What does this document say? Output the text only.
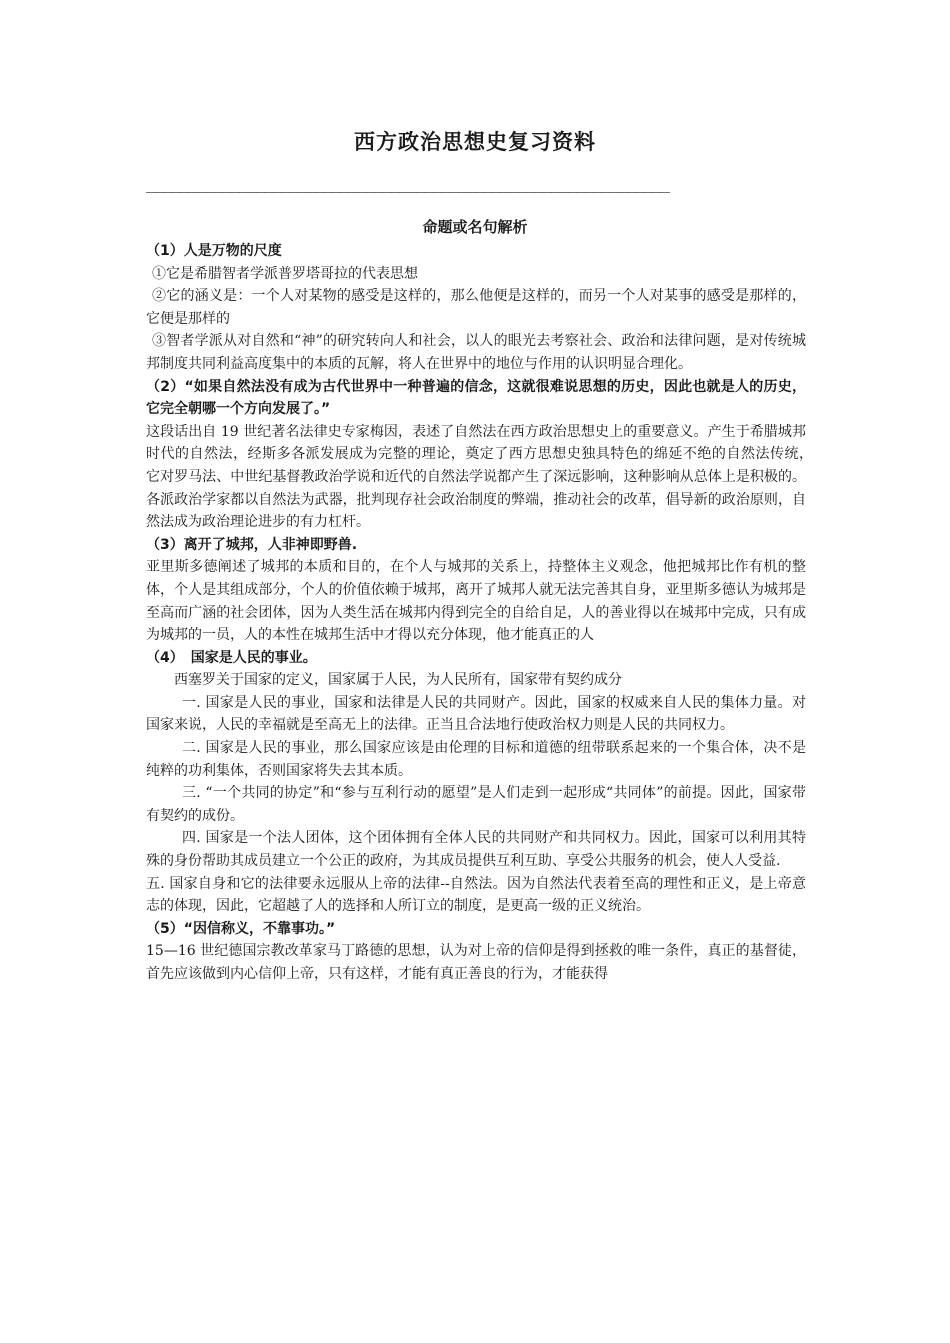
西方政治思想史复习资料
______________________________________________________________
命题或名句解析

（1）人是万物的尺度

①它是希腊智者学派普罗塔哥拉的代表思想

②它的涵义是：一个人对某物的感受是这样的，那么他便是这样的，而另一个人对某事的感受是那样的，它便是那样的

③智者学派从对自然和“神”的研究转向人和社会，以人的眼光去考察社会、政治和法律问题，是对传统城邦制度共同利益高度集中的本质的瓦解，将人在世界中的地位与作用的认识明显合理化。

（2）“如果自然法没有成为古代世界中一种普遍的信念，这就很难说思想的历史，因此也就是人的历史，它完全朝哪一个方向发展了。”

这段话出自 19 世纪著名法律史专家梅因，表述了自然法在西方政治思想史上的重要意义。产生于希腊城邦时代的自然法，经斯多各派发展成为完整的理论，奠定了西方思想史独具特色的绵延不绝的自然法传统，　它对罗马法、中世纪基督教政治学说和近代的自然法学说都产生了深远影响，这种影响从总体上是积极的。各派政治学家都以自然法为武器，批判现存社会政治制度的弊端，推动社会的改革，倡导新的政治原则，自然法成为政治理论进步的有力杠杆。

（3）离开了城邦，人非神即野兽.

亚里斯多德阐述了城邦的本质和目的，在个人与城邦的关系上，持整体主义观念，他把城邦比作有机的整体，个人是其组成部分，个人的价值依赖于城邦，离开了城邦人就无法完善其自身，亚里斯多德认为城邦是至高而广涵的社会团体，因为人类生活在城邦内得到完全的自给自足，人的善业得以在城邦中完成，只有成为城邦的一员，人的本性在城邦生活中才得以充分体现，他才能真正的人

（4）　国家是人民的事业。

西塞罗关于国家的定义，国家属于人民，为人民所有，国家带有契约成分

一. 国家是人民的事业，国家和法律是人民的共同财产。因此，国家的权威来自人民的集体力量。对国家来说，人民的幸福就是至高无上的法律。正当且合法地行使政治权力则是人民的共同权力。

二. 国家是人民的事业，那么国家应该是由伦理的目标和道德的纽带联系起来的一个集合体，决不是纯粹的功利集体，否则国家将失去其本质。

三. “一个共同的协定”和“参与互利行动的愿望”是人们走到一起形成“共同体”的前提。因此，国家带有契约的成份。

四. 国家是一个法人团体，这个团体拥有全体人民的共同财产和共同权力。因此，国家可以利用其特殊的身份帮助其成员建立一个公正的政府，为其成员提供互利互助、享受公共服务的机会，使人人受益.

五. 国家自身和它的法律要永远服从上帝的法律--自然法。因为自然法代表着至高的理性和正义，是上帝意志的体现，因此，它超越了人的选择和人所订立的制度，是更高一级的正义统治。

（5）“因信称义，不靠事功。”

15—16 世纪德国宗教改革家马丁路德的思想，认为对上帝的信仰是得到拯救的唯一条件，真正的基督徒，首先应该做到内心信仰上帝，只有这样，才能有真正善良的行为，才能获得
